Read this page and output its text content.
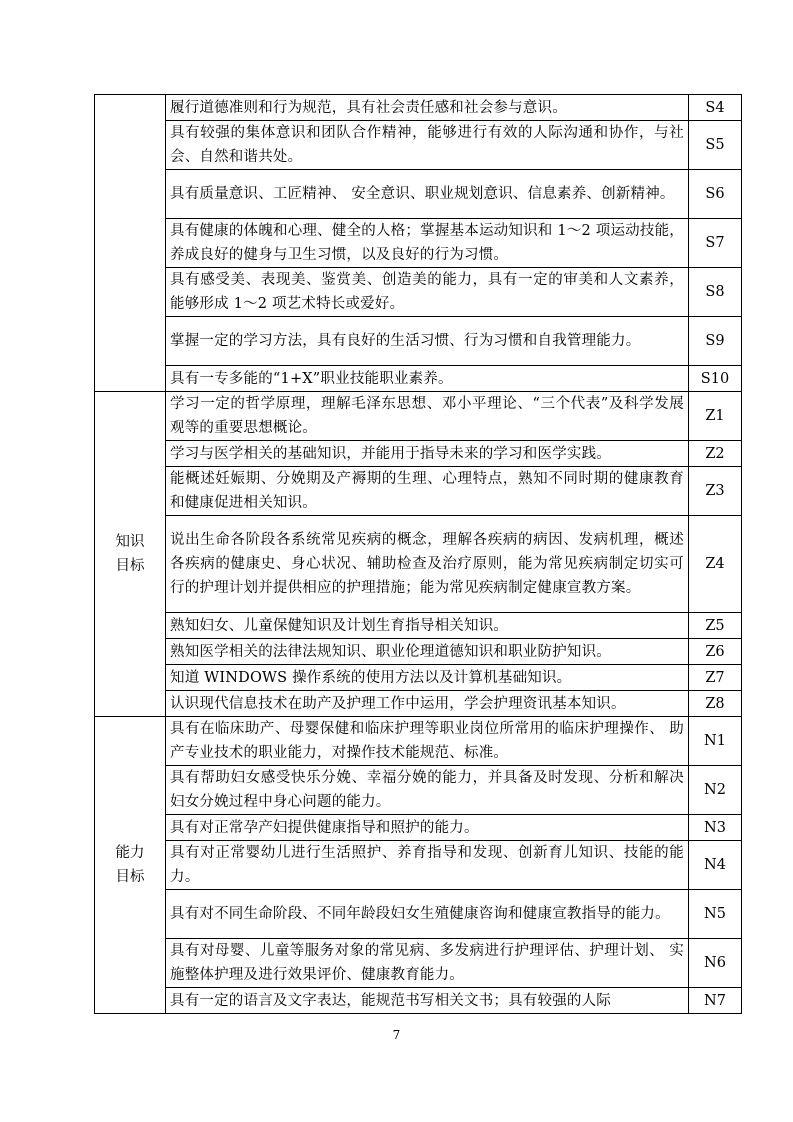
	履行道德准则和行为规范，具有社会责任感和社会参与意识。	S4
	具有较强的集体意识和团队合作精神，能够进行有效的人际沟通和协作，与社会、自然和谐共处。	S5
	具有质量意识、工匠精神、 安全意识、职业规划意识、信息素养、创新精神。	S6
	具有健康的体魄和心理、健全的人格；掌握基本运动知识和 1～2 项运动技能，养成良好的健身与卫生习惯，以及良好的行为习惯。	S7
	具有感受美、表现美、鉴赏美、创造美的能力，具有一定的审美和人文素养，能够形成 1～2 项艺术特长或爱好。	S8
	掌握一定的学习方法，具有良好的生活习惯、行为习惯和自我管理能力。	S9
	具有一专多能的“1+X”职业技能职业素养。	S10

知识目标	学习一定的哲学原理，理解毛泽东思想、邓小平理论、“三个代表”及科学发展观等的重要思想概论。	Z1
	学习与医学相关的基础知识，并能用于指导未来的学习和医学实践。	Z2
	能概述妊娠期、分娩期及产褥期的生理、心理特点，熟知不同时期的健康教育和健康促进相关知识。	Z3
	说出生命各阶段各系统常见疾病的概念，理解各疾病的病因、发病机理，概述各疾病的健康史、身心状况、辅助检查及治疗原则，能为常见疾病制定切实可行的护理计划并提供相应的护理措施；能为常见疾病制定健康宣教方案。	Z4
	熟知妇女、儿童保健知识及计划生育指导相关知识。	Z5
	熟知医学相关的法律法规知识、职业伦理道德知识和职业防护知识。	Z6
	知道 WINDOWS 操作系统的使用方法以及计算机基础知识。	Z7
	认识现代信息技术在助产及护理工作中运用，学会护理资讯基本知识。	Z8

能力目标	具有在临床助产、母婴保健和临床护理等职业岗位所常用的临床护理操作、 助产专业技术的职业能力，对操作技术能规范、标准。	N1
	具有帮助妇女感受快乐分娩、幸福分娩的能力，并具备及时发现、分析和解决妇女分娩过程中身心问题的能力。	N2
	具有对正常孕产妇提供健康指导和照护的能力。	N3
	具有对正常婴幼儿进行生活照护、养育指导和发现、创新育儿知识、技能的能力。	N4
	具有对不同生命阶段、不同年龄段妇女生殖健康咨询和健康宣教指导的能力。	N5
	具有对母婴、儿童等服务对象的常见病、多发病进行护理评估、护理计划、 实施整体护理及进行效果评价、健康教育能力。	N6
	具有一定的语言及文字表达，能规范书写相关文书；具有较强的人际	N7
7
